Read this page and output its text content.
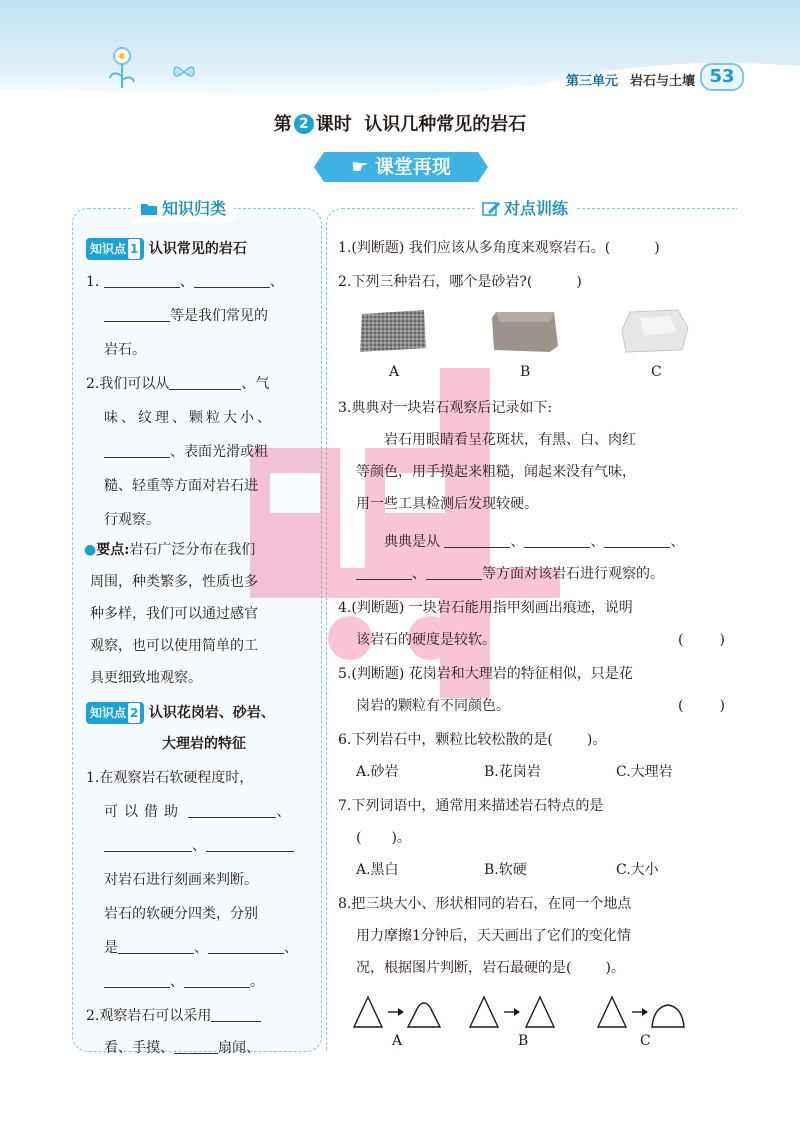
第三单元 岩石与土壤 53
第 2 课时 认识几种常见的岩石
☛ 课堂再现
知识归类	对点训练
知识点 1 认识常见的岩石
1.	、	、
等是我们常见的
岩石。
2.我们可以从	、气
味、纹理、颗粒大小、
、表面光滑或粗
糙、轻重等方面对岩石进
行观察。
●要点:岩石广泛分布在我们
周围，种类繁多，性质也多
种多样，我们可以通过感官
观察，也可以使用简单的工
具更细致地观察。
知识点 2 认识花岗岩、砂岩、
大理岩的特征
1.在观察岩石软硬程度时，
可以借助	、
、
对岩石进行刻画来判断。
岩石的软硬分四类，分别
是	、	、
、	。
2.观察岩石可以采用
看、手摸、	扇闻、
1.(判断题) 我们应该从多角度来观察岩石。(	)
2.下列三种岩石，哪个是砂岩?(	)
A	B	C
3.典典对一块岩石观察后记录如下:
岩石用眼睛看呈花斑状，有黑、白、肉红
等颜色，用手摸起来粗糙，闻起来没有气味，
用一些工具检测后发现较硬。
典典是从	、	、	、
、	等方面对该岩石进行观察的。
4.(判断题) 一块岩石能用指甲刻画出痕迹，说明
该岩石的硬度是较软。	(	)
5.(判断题) 花岗岩和大理岩的特征相似，只是花
岗岩的颗粒有不同颜色。	(	)
6.下列岩石中，颗粒比较松散的是( )。
A.砂岩	B.花岗岩	C.大理岩
7.下列词语中，通常用来描述岩石特点的是
( )。
A.黑白	B.软硬	C.大小
8.把三块大小、形状相同的岩石，在同一个地点
用力摩擦1分钟后，天天画出了它们的变化情
况，根据图片判断，岩石最硬的是( )。
A	B	C
